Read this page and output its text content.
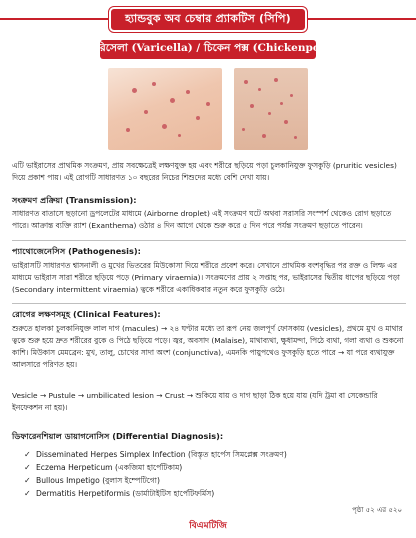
হ্যান্ডবুক অব চেম্বার প্র্যাকটিস (সিপি)
ভেরিসেলা (Varicella) / চিকেন পক্স (Chickenpox)
এটি ভাইরাসের প্রাথমিক সংক্রমণ, প্রায় সবক্ষেত্রেই লক্ষণযুক্ত হয় এবং শরীরে ছড়িয়ে পড়া চুলকানিযুক্ত ফুসকুড়ি (pruritic vesicles) দিয়ে প্রকাশ পায়। এই রোগটি সাধারণত ১০ বছরের নিচের শিশুদের মধ্যে বেশি দেখা যায়।
সংক্রমণ প্রক্রিয়া (Transmission):
সাধারণত বাতাসে ছড়ানো ড্রপলেটের মাধ্যমে (Airborne droplet) এই সংক্রমণ ঘটে অথবা সরাসরি সংস্পর্শ থেকেও রোগ ছড়াতে পারে। আক্রান্ত ব্যক্তি র‍্যাশ (Exanthema) ওঠার ৪ দিন আগে থেকে শুরু করে ৫ দিন পরে পর্যন্ত সংক্রমণ ছড়াতে পারেন।
প্যাথোজেনেসিস (Pathogenesis):
ভাইরাসটি সাধারণত শ্বাসনালী ও মুখের ভিতরের মিউকোসা দিয়ে শরীরে প্রবেশ করে। সেখানে প্রাথমিক বংশবৃদ্ধির পর রক্ত ও লিম্ফ এর মাধ্যমে ভাইরাস সারা শরীরে ছড়িয়ে পড়ে (Primary viraemia)। সংক্রমণের প্রায় ২ সপ্তাহ পর, ভাইরাসের দ্বিতীয় ধাপের ছড়িয়ে পড়া (Secondary intermittent viraemia) ত্বকে শরীরে একাধিকবার নতুন করে ফুসকুড়ি ওঠে।
রোগের লক্ষণসমূহ (Clinical Features):
শুরুতে হালকা চুলকানিযুক্ত লাল দাগ (macules) → ২৪ ঘণ্টার মধ্যে তা রূপ নেয় জলপূর্ণ ফোসকায় (vesicles), প্রথমে মুখ ও মাথার ত্বকে শুরু হয়ে দ্রুত শরীরের বুকে ও পিঠে ছড়িয়ে পড়ে। জ্বর, অবসাদ (Malaise), মাথাব্যথা, ক্ষুধামন্দা, পিঠে ব্যথা, গলা ব্যথা ও শুকনো কাশি। মিউকাস মেমব্রেন: মুখ, তালু, চোখের সাদা অংশ (conjunctiva), এমনকি পায়ুপথেও ফুসকুড়ি হতে পারে → যা পরে ব্যথাযুক্ত আলসারে পরিণত হয়।
Vesicle → Pustule → umbilicated lesion → Crust → শুকিয়ে যায় ও দাগ ছাড়া ঠিক হয়ে যায় (যদি ট্রমা বা সেকেন্ডারি ইনফেকশন না হয়)।
ডিফারেনশিয়াল ডায়াগনোসিস (Differential Diagnosis):
✓ Disseminated Herpes Simplex Infection
(বিস্তৃত হার্পেস সিমপ্লেক্স সংক্রমণ)
✓ Eczema Herpeticum
(একজিমা হার্পেটিকাম)
✓ Bullous Impetigo
(বুলাস ইম্পেটিগো)
✓ Dermatitis Herpetiformis
(ডার্মাটাইটিস হার্পেটিফর্মিস)
পৃষ্ঠা ৫২ এর ৫২০
বিএমটিজি
